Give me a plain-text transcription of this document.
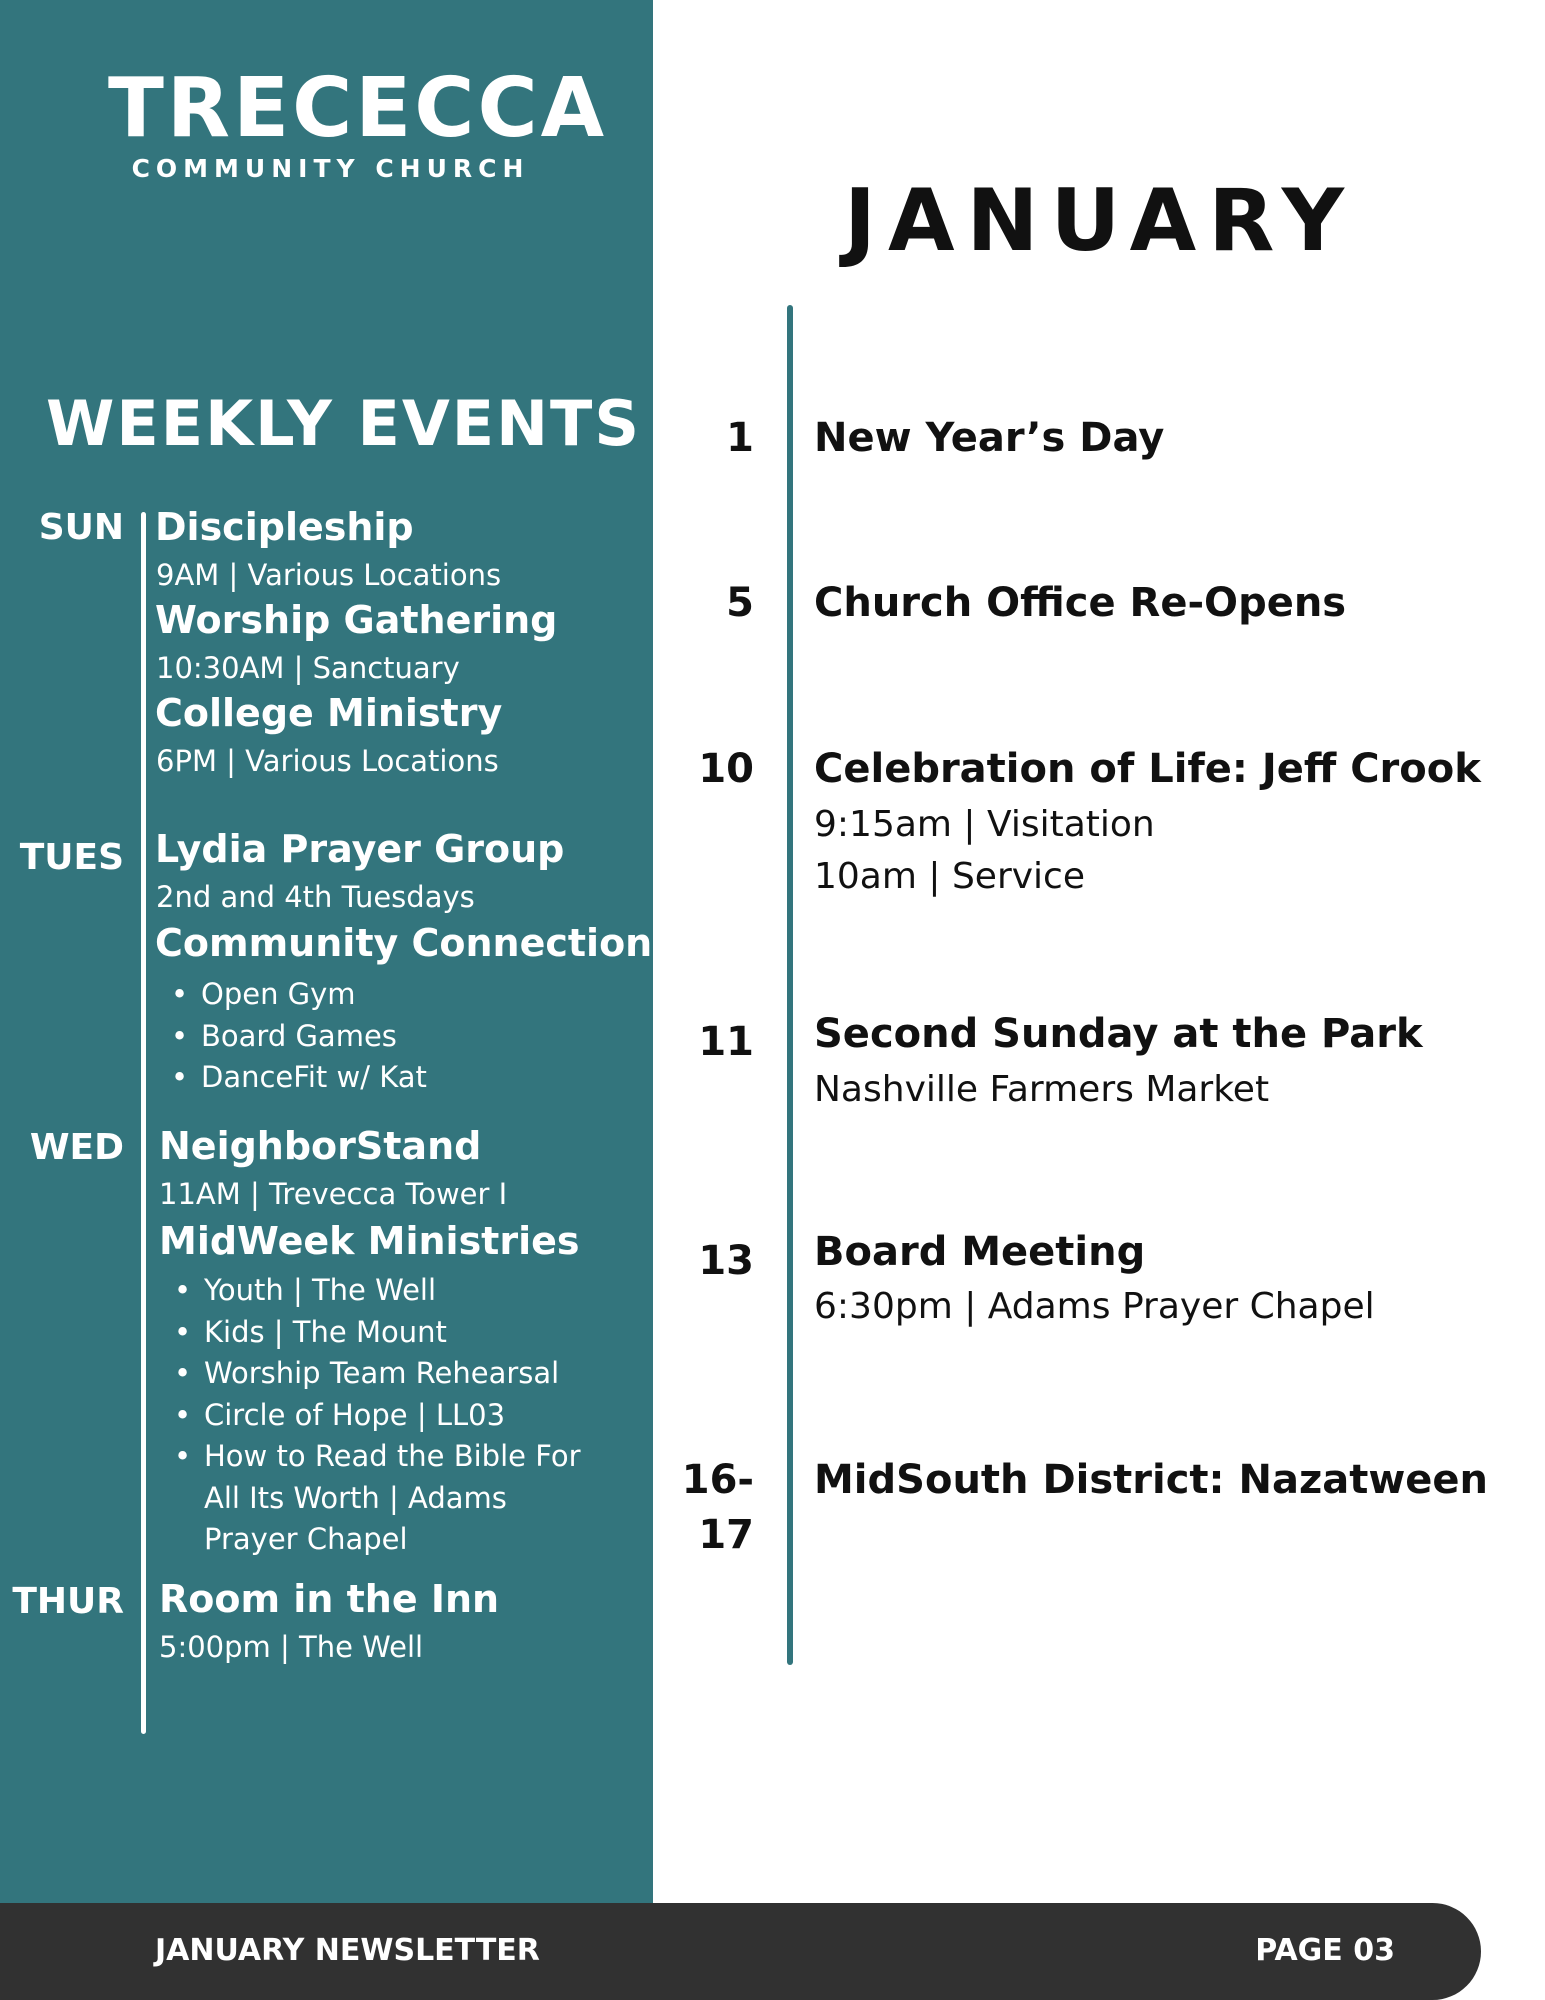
TRECECCA
COMMUNITY CHURCH
WEEKLY EVENTS
SUN Discipleship
9AM | Various Locations
Worship Gathering
10:30AM | Sanctuary
College Ministry
6PM | Various Locations
TUES Lydia Prayer Group
2nd and 4th Tuesdays
Community Connection
• Open Gym
• Board Games
• DanceFit w/ Kat
WED NeighborStand
11AM | Trevecca Tower I
MidWeek Ministries
• Youth | The Well
• Kids | The Mount
• Worship Team Rehearsal
• Circle of Hope | LL03
• How to Read the Bible For All Its Worth | Adams Prayer Chapel
THUR Room in the Inn
5:00pm | The Well
JANUARY
1 New Year’s Day
5 Church Office Re-Opens
10 Celebration of Life: Jeff Crook
9:15am | Visitation
10am | Service
11 Second Sunday at the Park
Nashville Farmers Market
13 Board Meeting
6:30pm | Adams Prayer Chapel
16-
17
MidSouth District: Nazatween
JANUARY NEWSLETTER	PAGE 03
